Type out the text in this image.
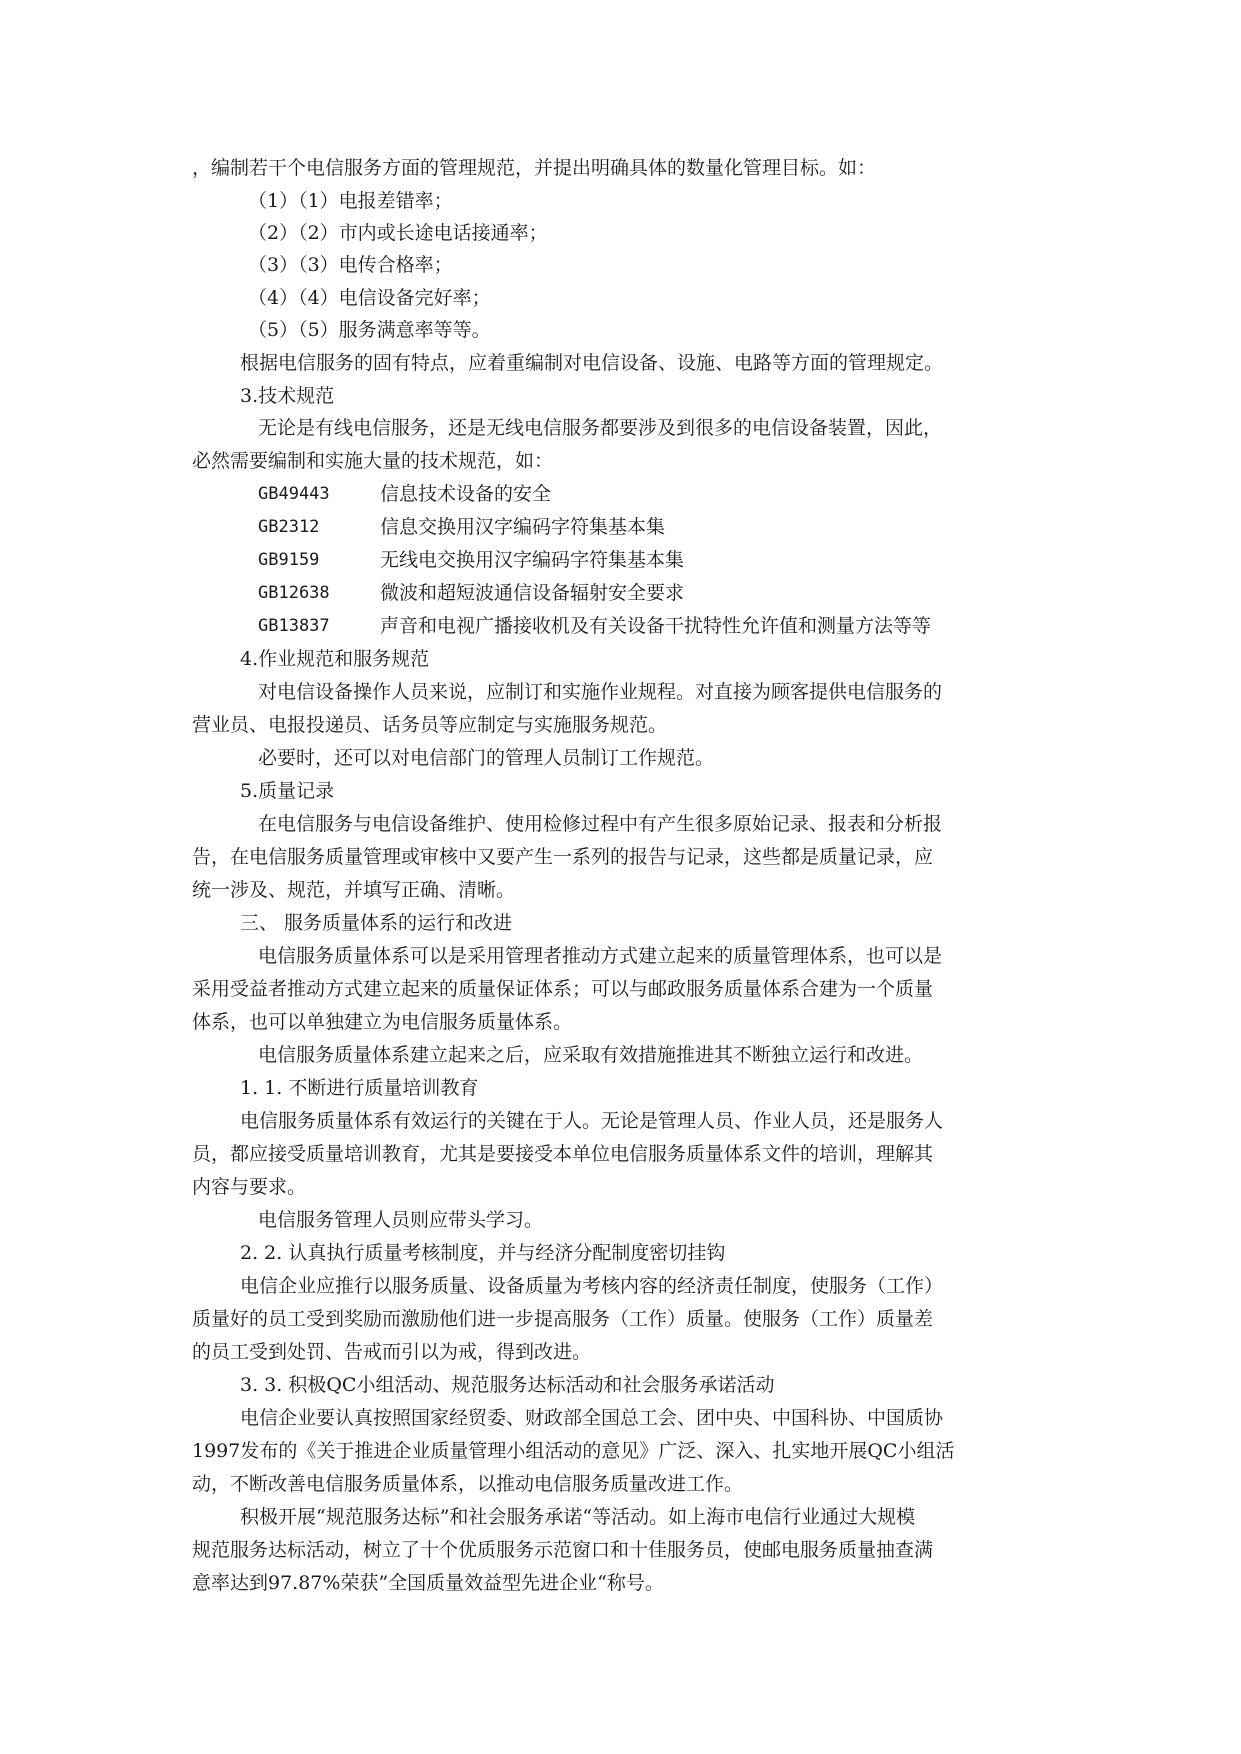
，编制若干个电信服务方面的管理规范，并提出明确具体的数量化管理目标。如：
（1）（1）电报差错率；
（2）（2）市内或长途电话接通率；
（3）（3）电传合格率；
（4）（4）电信设备完好率；
（5）（5）服务满意率等等。
根据电信服务的固有特点，应着重编制对电信设备、设施、电路等方面的管理规定。
3.技术规范
无论是有线电信服务，还是无线电信服务都要涉及到很多的电信设备装置，因此，
必然需要编制和实施大量的技术规范，如：
GB49443	信息技术设备的安全
GB2312	信息交换用汉字编码字符集基本集
GB9159	无线电交换用汉字编码字符集基本集
GB12638	微波和超短波通信设备辐射安全要求
GB13837	声音和电视广播接收机及有关设备干扰特性允许值和测量方法等等
4.作业规范和服务规范
对电信设备操作人员来说，应制订和实施作业规程。对直接为顾客提供电信服务的
营业员、电报投递员、话务员等应制定与实施服务规范。
必要时，还可以对电信部门的管理人员制订工作规范。
5.质量记录
在电信服务与电信设备维护、使用检修过程中有产生很多原始记录、报表和分析报
告，在电信服务质量管理或审核中又要产生一系列的报告与记录，这些都是质量记录，应
统一涉及、规范，并填写正确、清晰。
三、 服务质量体系的运行和改进
电信服务质量体系可以是采用管理者推动方式建立起来的质量管理体系，也可以是
采用受益者推动方式建立起来的质量保证体系；可以与邮政服务质量体系合建为一个质量
体系，也可以单独建立为电信服务质量体系。
电信服务质量体系建立起来之后，应采取有效措施推进其不断独立运行和改进。
1. 1. 不断进行质量培训教育
电信服务质量体系有效运行的关键在于人。无论是管理人员、作业人员，还是服务人
员，都应接受质量培训教育，尤其是要接受本单位电信服务质量体系文件的培训，理解其
内容与要求。
电信服务管理人员则应带头学习。
2. 2. 认真执行质量考核制度，并与经济分配制度密切挂钩
电信企业应推行以服务质量、设备质量为考核内容的经济责任制度，使服务（工作）
质量好的员工受到奖励而激励他们进一步提高服务（工作）质量。使服务（工作）质量差
的员工受到处罚、告戒而引以为戒，得到改进。
3. 3. 积极QC小组活动、规范服务达标活动和社会服务承诺活动
电信企业要认真按照国家经贸委、财政部全国总工会、团中央、中国科协、中国质协
1997发布的《关于推进企业质量管理小组活动的意见》广泛、深入、扎实地开展QC小组活
动，不断改善电信服务质量体系，以推动电信服务质量改进工作。
积极开展“规范服务达标”和社会服务承诺“等活动。如上海市电信行业通过大规模
规范服务达标活动，树立了十个优质服务示范窗口和十佳服务员，使邮电服务质量抽查满
意率达到97.87%荣获”全国质量效益型先进企业“称号。
